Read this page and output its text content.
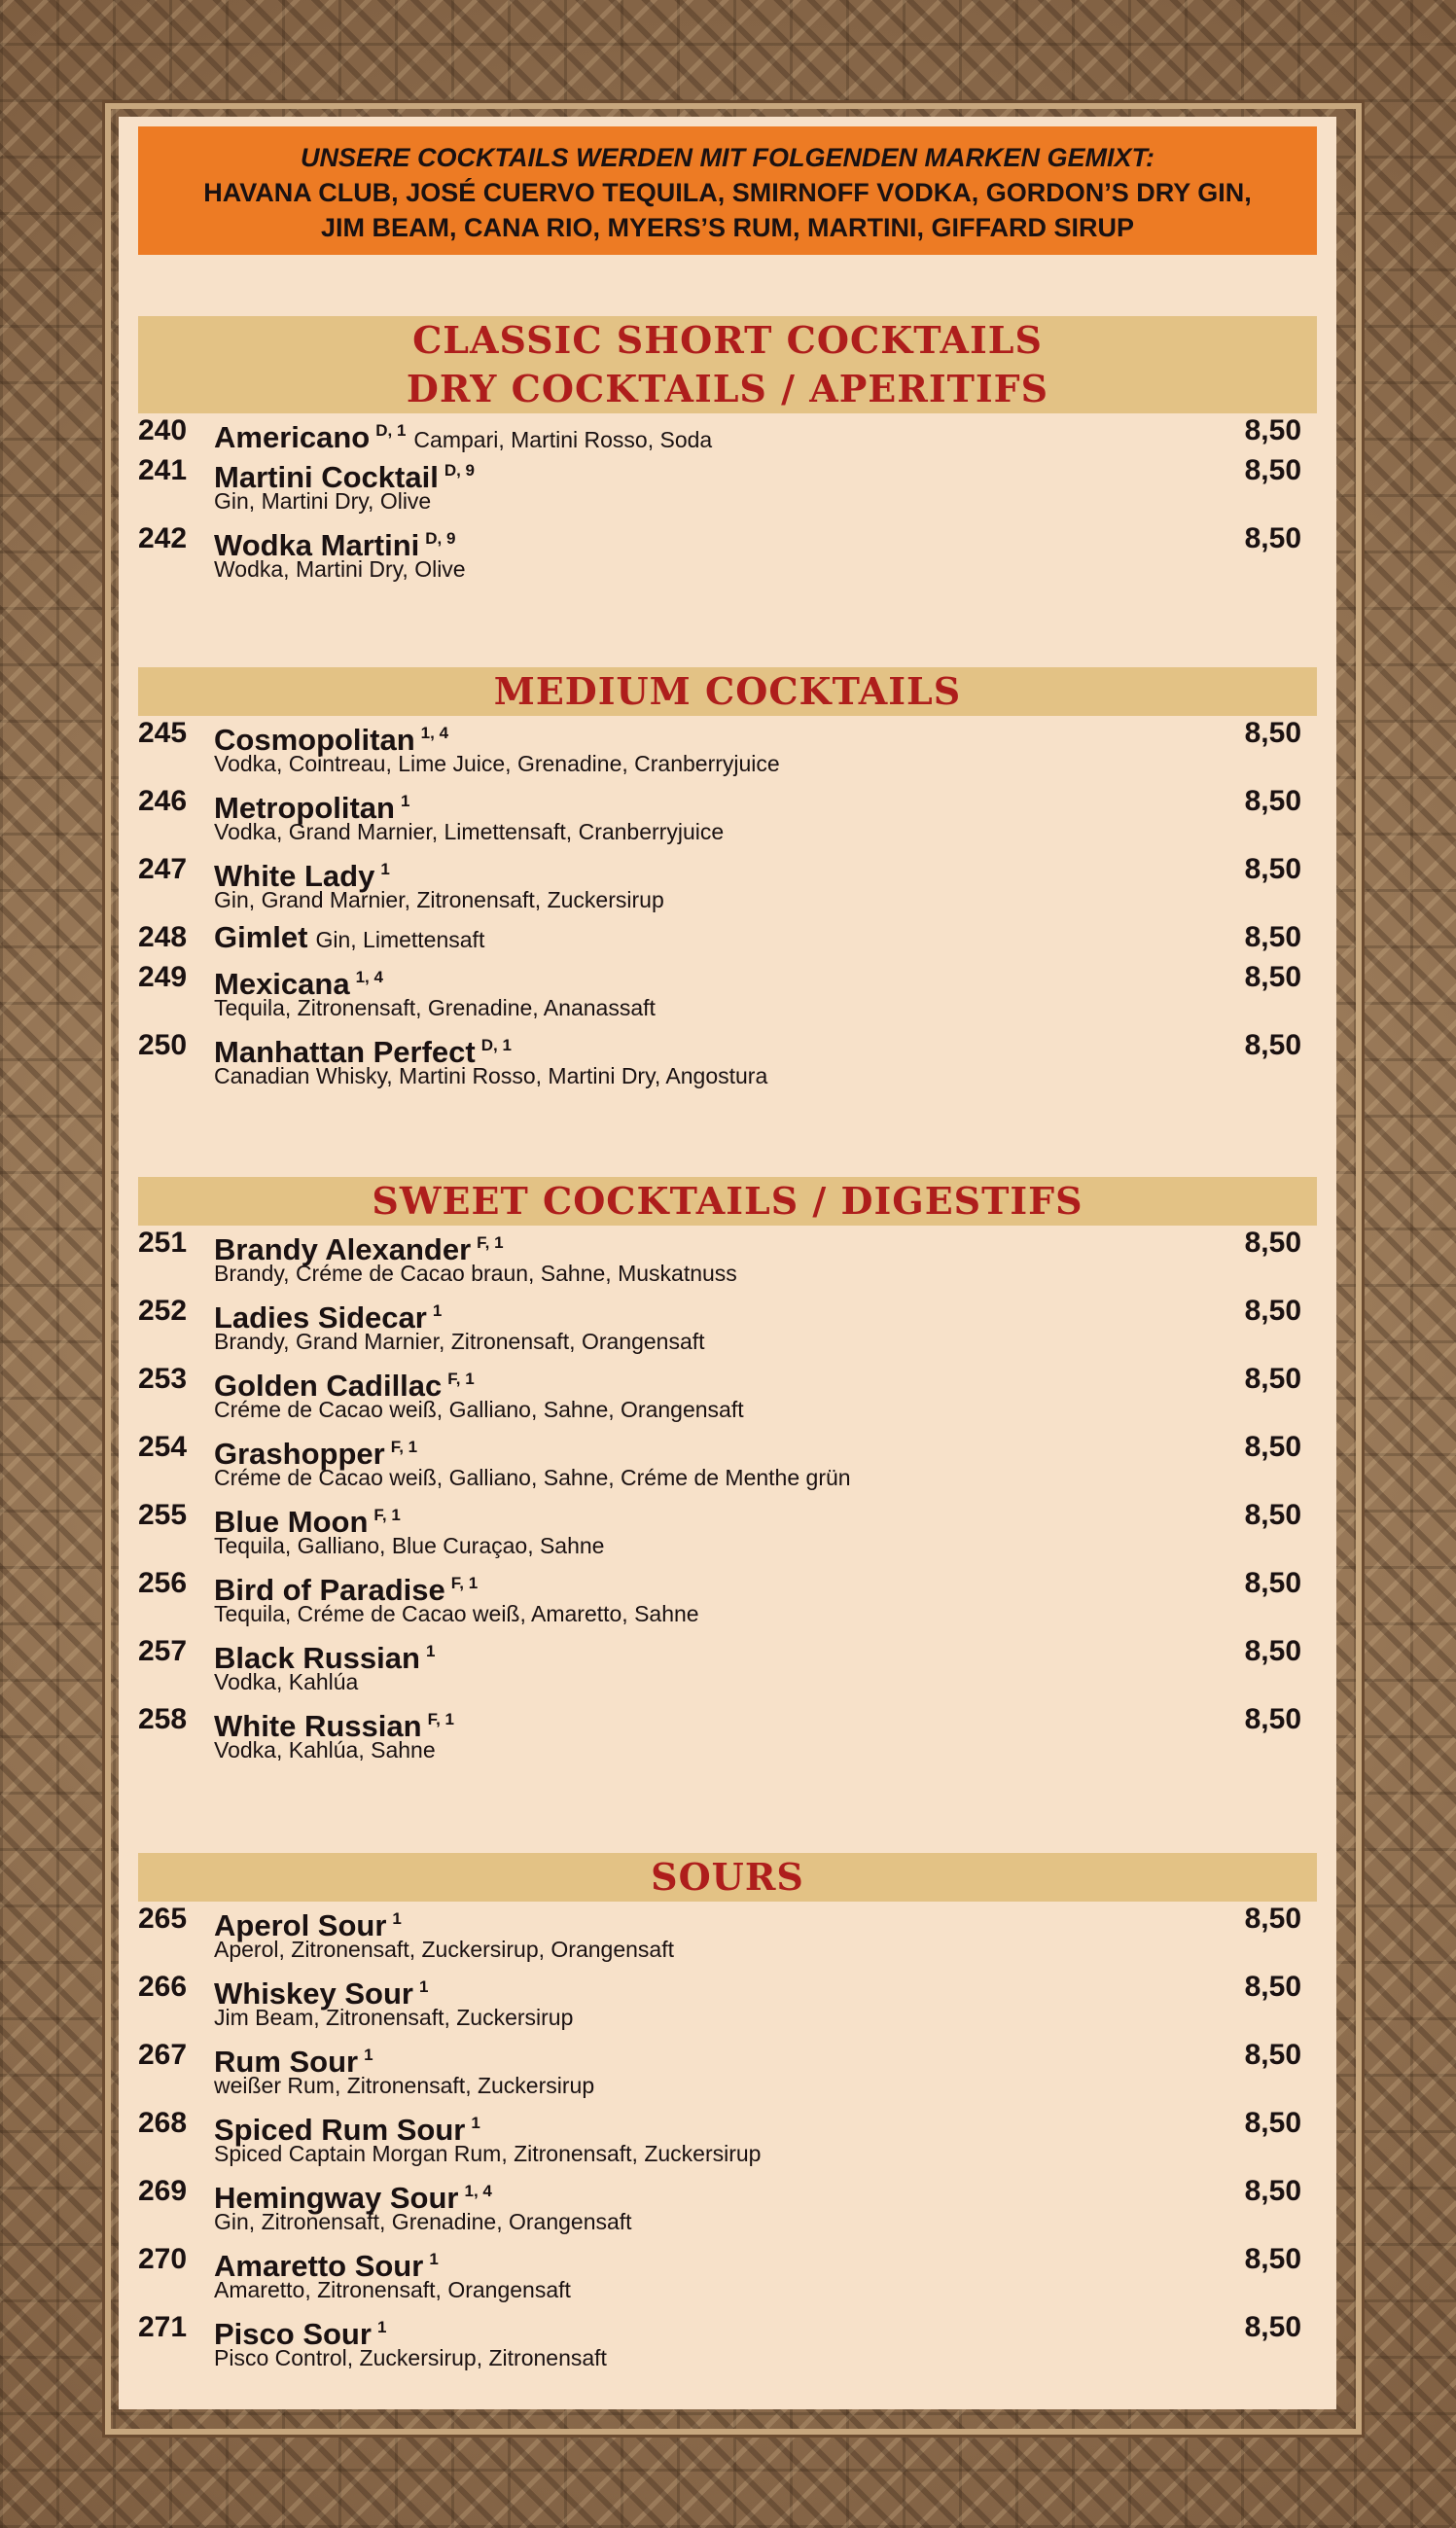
UNSERE COCKTAILS WERDEN MIT FOLGENDEN MARKEN GEMIXT:
HAVANA CLUB, JOSÉ CUERVO TEQUILA, SMIRNOFF VODKA, GORDON’S DRY GIN,
JIM BEAM, CANA RIO, MYERS’S RUM, MARTINI, GIFFARD SIRUP
CLASSIC SHORT COCKTAILS
DRY COCKTAILS / APERITIFS
240 Americano D, 1 Campari, Martini Rosso, Soda	8,50
241 Martini Cocktail D, 9
Gin, Martini Dry, Olive
8,50
242 Wodka Martini D, 9
Wodka, Martini Dry, Olive
8,50
MEDIUM COCKTAILS
245 Cosmopolitan 1, 4
Vodka, Cointreau, Lime Juice, Grenadine, Cranberryjuice
8,50
246 Metropolitan 1
Vodka, Grand Marnier, Limettensaft, Cranberryjuice
8,50
247 White Lady 1
Gin, Grand Marnier, Zitronensaft, Zuckersirup
8,50
248 Gimlet Gin, Limettensaft	8,50
249 Mexicana 1, 4
Tequila, Zitronensaft, Grenadine, Ananassaft
8,50
250 Manhattan Perfect D, 1
Canadian Whisky, Martini Rosso, Martini Dry, Angostura
8,50
SWEET COCKTAILS / DIGESTIFS
251 Brandy Alexander F, 1
Brandy, Créme de Cacao braun, Sahne, Muskatnuss
8,50
252 Ladies Sidecar 1
Brandy, Grand Marnier, Zitronensaft, Orangensaft
8,50
253 Golden Cadillac F, 1
Créme de Cacao weiß, Galliano, Sahne, Orangensaft
8,50
254 Grashopper F, 1
Créme de Cacao weiß, Galliano, Sahne, Créme de Menthe grün
8,50
255 Blue Moon F, 1
Tequila, Galliano, Blue Curaçao, Sahne
8,50
256 Bird of Paradise F, 1
Tequila, Créme de Cacao weiß, Amaretto, Sahne
8,50
257 Black Russian 1
Vodka, Kahlúa
8,50
258 White Russian F, 1
Vodka, Kahlúa, Sahne
8,50
SOURS
265 Aperol Sour 1
Aperol, Zitronensaft, Zuckersirup, Orangensaft
8,50
266 Whiskey Sour 1
Jim Beam, Zitronensaft, Zuckersirup
8,50
267 Rum Sour 1
weißer Rum, Zitronensaft, Zuckersirup
8,50
268 Spiced Rum Sour 1
Spiced Captain Morgan Rum, Zitronensaft, Zuckersirup
8,50
269 Hemingway Sour 1, 4
Gin, Zitronensaft, Grenadine, Orangensaft
8,50
270 Amaretto Sour 1
Amaretto, Zitronensaft, Orangensaft
8,50
271 Pisco Sour 1
Pisco Control, Zuckersirup, Zitronensaft
8,50
